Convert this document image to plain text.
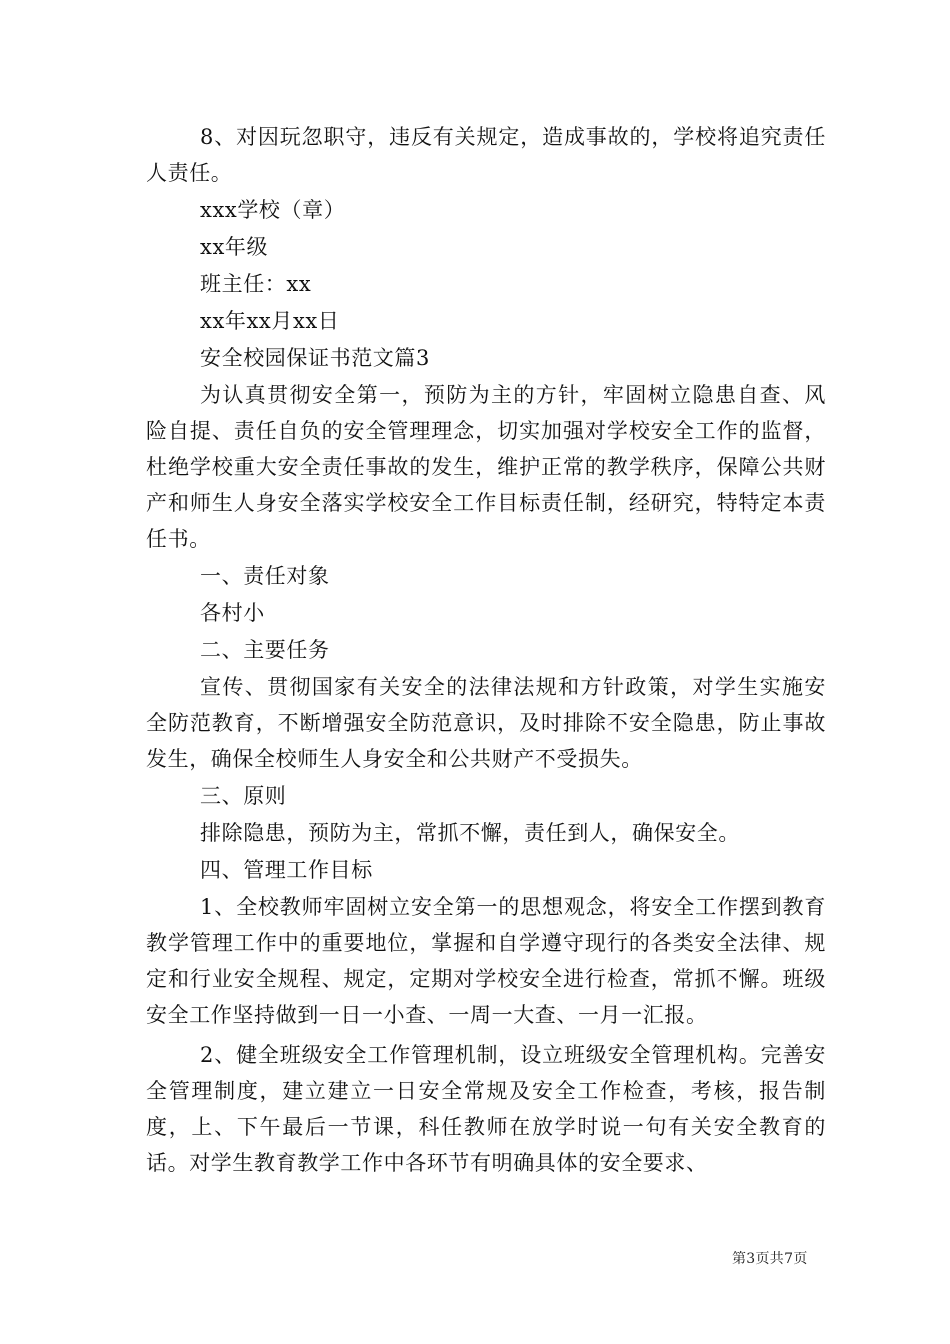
8、对因玩忽职守，违反有关规定，造成事故的，学校将追究责任人责任。

xxx学校（章）

xx年级

班主任：xx

xx年xx月xx日

安全校园保证书范文篇3

为认真贯彻安全第一，预防为主的方针，牢固树立隐患自查、风险自提、责任自负的安全管理理念，切实加强对学校安全工作的监督，杜绝学校重大安全责任事故的发生，维护正常的教学秩序，保障公共财产和师生人身安全落实学校安全工作目标责任制，经研究，特特定本责任书。

一、责任对象

各村小

二、主要任务

宣传、贯彻国家有关安全的法律法规和方针政策，对学生实施安全防范教育，不断增强安全防范意识，及时排除不安全隐患，防止事故发生，确保全校师生人身安全和公共财产不受损失。

三、原则

排除隐患，预防为主，常抓不懈，责任到人，确保安全。

四、管理工作目标

1、全校教师牢固树立安全第一的思想观念，将安全工作摆到教育教学管理工作中的重要地位，掌握和自学遵守现行的各类安全法律、规定和行业安全规程、规定，定期对学校安全进行检查，常抓不懈。班级安全工作坚持做到一日一小查、一周一大查、一月一汇报。

2、健全班级安全工作管理机制，设立班级安全管理机构。完善安全管理制度，建立建立一日安全常规及安全工作检查，考核，报告制度，上、下午最后一节课，科任教师在放学时说一句有关安全教育的话。对学生教育教学工作中各环节有明确具体的安全要求、

第3页共7页
